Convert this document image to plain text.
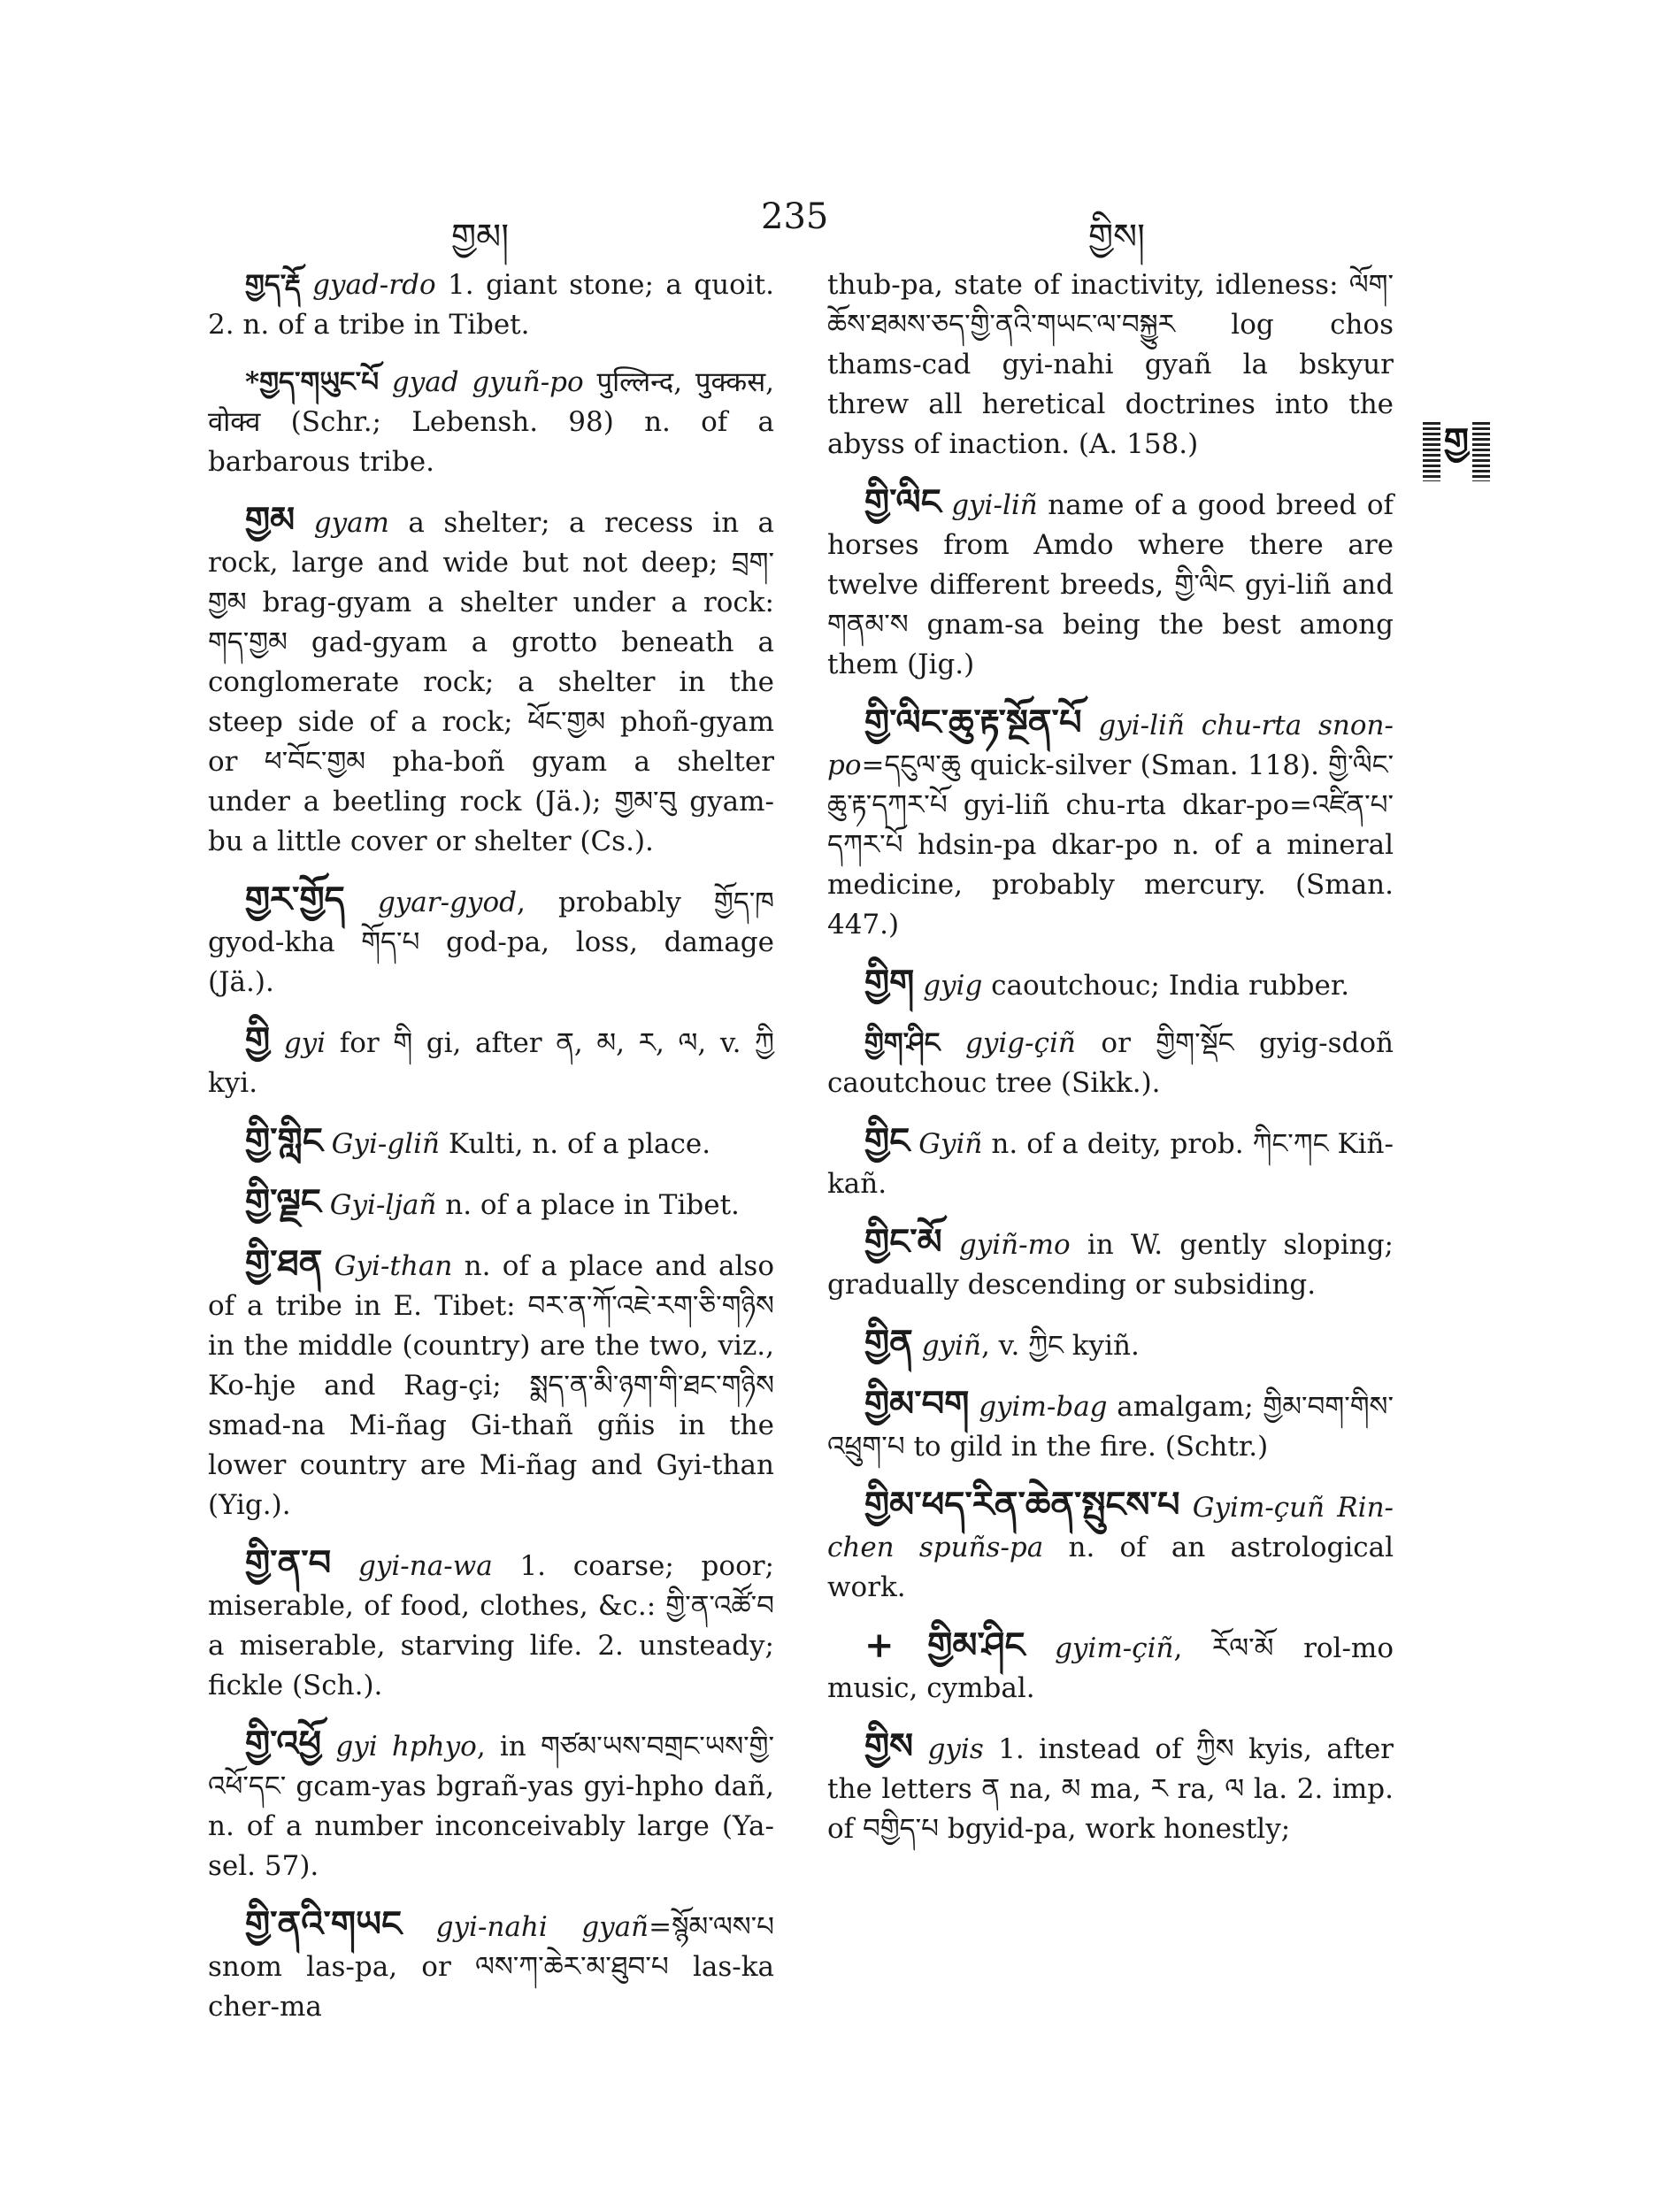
གྱམ།	235	གྱིས།
གྱ

གྱད་རྡོ gyad-rdo 1. giant stone; a quoit. 2. n. of a tribe in Tibet.

*གྱད་གཡུང་པོ gyad gyuñ-po पुल्लिन्द, पुक्कस, वोक्‍व (Schr.; Lebensh. 98) n. of a barbarous tribe.

གྱམ gyam a shelter; a recess in a rock, large and wide but not deep; བྲག་གྱམ brag-gyam a shelter under a rock: གད་གྱམ gad-gyam a grotto beneath a conglomerate rock; a shelter in the steep side of a rock; ཕོང་གྱམ phoñ-gyam or ཕ་བོང་གྱམ pha-boñ gyam a shelter under a beetling rock (Jä.); གྱམ་བུ gyam-bu a little cover or shelter (Cs.).

གྱར་གྱོད gyar-gyod, probably གྱོད་ཁ gyod-kha གོད་པ god-pa, loss, damage (Jä.).

གྱི gyi for གི gi, after ན, མ, ར, ལ, v. ཀྱི kyi.

གྱི་གླིང Gyi-gliñ Kulti, n. of a place.

གྱི་ལྗང Gyi-ljañ n. of a place in Tibet.

གྱི་ཐན Gyi-than n. of a place and also of a tribe in E. Tibet: བར་ན་ཀོ་འཇེ་རག་ཅི་གཉིས in the middle (country) are the two, viz., Ko-hje and Rag-çi; སྨད་ན་མི་ཉག་གི་ཐང་གཉིས smad-na Mi-ñag Gi-thañ gñis in the lower country are Mi-ñag and Gyi-than (Yig.).

གྱི་ན་བ gyi-na-wa 1. coarse; poor; miserable, of food, clothes, &c.: གྱི་ན་འཚོ་བ a miserable, starving life. 2. unsteady; fickle (Sch.).

གྱི་འཕྱོ gyi hphyo, in གཙམ་ཡས་བགྲང་ཡས་གྱི་འཕོ་དང་ gcam-yas bgrañ-yas gyi-hpho dañ, n. of a number inconceivably large (Ya-sel. 57).

གྱི་ནའི་གཡང gyi-nahi gyañ=སྙོམ་ལས་པ snom las-pa, or ལས་ཀ་ཆེར་མ་ཐུབ་པ las-ka cher-ma

thub-pa, state of inactivity, idleness: ལོག་ཆོས་ཐམས་ཅད་གྱི་ནའི་གཡང་ལ་བསྐྱུར log chos thams-cad gyi-nahi gyañ la bskyur threw all heretical doctrines into the abyss of inaction. (A. 158.)

གྱི་ལིང gyi-liñ name of a good breed of horses from Amdo where there are twelve different breeds, གྱི་ལིང gyi-liñ and གནམ་ས gnam-sa being the best among them (Jig.)

གྱི་ལིང་ཆུ་རྟ་སྔོན་པོ gyi-liñ chu-rta snon-po=དངུལ་ཆུ quick-silver (Sman. 118). གྱི་ལིང་ཆུ་རྟ་དཀར་པོ gyi-liñ chu-rta dkar-po=འཛིན་པ་དཀར་པོ hdsin-pa dkar-po n. of a mineral medicine, probably mercury. (Sman. 447.)

གྱིག gyig caoutchouc; India rubber.

གྱིག་ཤིང gyig-çiñ or གྱིག་སྡོང gyig-sdoñ caoutchouc tree (Sikk.).

གྱིང Gyiñ n. of a deity, prob. ཀིང་ཀང Kiñ-kañ.

གྱིང་མོ gyiñ-mo in W. gently sloping; gradually descending or subsiding.

གྱིན gyiñ, v. ཀྱིང kyiñ.

གྱིམ་བག gyim-bag amalgam; གྱིམ་བག་གིས་འཕྲུག་པ to gild in the fire. (Schtr.)

གྱིམ་ཕད་རིན་ཆེན་སྤུངས་པ Gyim-çuñ Rin-chen spuñs-pa n. of an astrological work.

+ གྱིམ་ཤིང gyim-çiñ, རོལ་མོ rol-mo music, cymbal.

གྱིས gyis 1. instead of ཀྱིས kyis, after the letters ན na, མ ma, ར ra, ལ la. 2. imp. of བགྱིད་པ bgyid-pa, work honestly;
